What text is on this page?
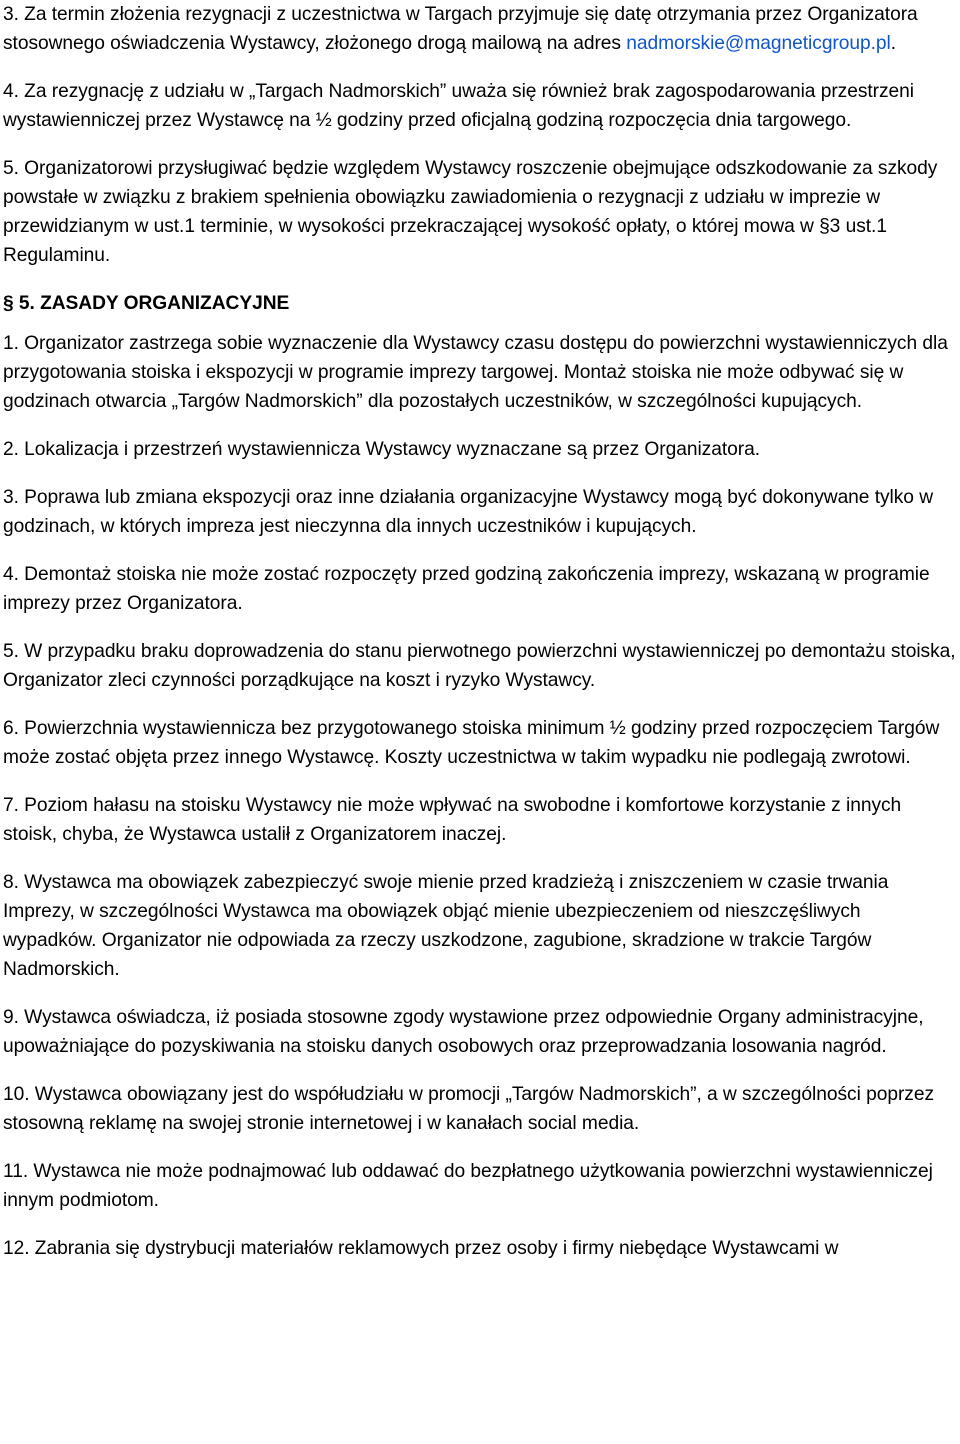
3. Za termin złożenia rezygnacji z uczestnictwa w Targach przyjmuje się datę otrzymania przez Organizatora stosownego oświadczenia Wystawcy, złożonego drogą mailową na adres nadmorskie@magneticgroup.pl.

4. Za rezygnację z udziału w „Targach Nadmorskich” uważa się również brak zagospodarowania przestrzeni wystawienniczej przez Wystawcę na ½ godziny przed oficjalną godziną rozpoczęcia dnia targowego.

5. Organizatorowi przysługiwać będzie względem Wystawcy roszczenie obejmujące odszkodowanie za szkody powstałe w związku z brakiem spełnienia obowiązku zawiadomienia o rezygnacji z udziału w imprezie w przewidzianym w ust.1 terminie, w wysokości przekraczającej wysokość opłaty, o której mowa w §3 ust.1 Regulaminu.

§ 5. ZASADY ORGANIZACYJNE

1. Organizator zastrzega sobie wyznaczenie dla Wystawcy czasu dostępu do powierzchni wystawienniczych dla przygotowania stoiska i ekspozycji w programie imprezy targowej. Montaż stoiska nie może odbywać się w godzinach otwarcia „Targów Nadmorskich” dla pozostałych uczestników, w szczególności kupujących.

2. Lokalizacja i przestrzeń wystawiennicza Wystawcy wyznaczane są przez Organizatora.

3. Poprawa lub zmiana ekspozycji oraz inne działania organizacyjne Wystawcy mogą być dokonywane tylko w godzinach, w których impreza jest nieczynna dla innych uczestników i kupujących.

4. Demontaż stoiska nie może zostać rozpoczęty przed godziną zakończenia imprezy, wskazaną w programie imprezy przez Organizatora.

5. W przypadku braku doprowadzenia do stanu pierwotnego powierzchni wystawienniczej po demontażu stoiska, Organizator zleci czynności porządkujące na koszt i ryzyko Wystawcy.

6. Powierzchnia wystawiennicza bez przygotowanego stoiska minimum ½ godziny przed rozpoczęciem Targów może zostać objęta przez innego Wystawcę. Koszty uczestnictwa w takim wypadku nie podlegają zwrotowi.

7. Poziom hałasu na stoisku Wystawcy nie może wpływać na swobodne i komfortowe korzystanie z innych stoisk, chyba, że Wystawca ustalił z Organizatorem inaczej.

8. Wystawca ma obowiązek zabezpieczyć swoje mienie przed kradzieżą i zniszczeniem w czasie trwania Imprezy, w szczególności Wystawca ma obowiązek objąć mienie ubezpieczeniem od nieszczęśliwych wypadków. Organizator nie odpowiada za rzeczy uszkodzone, zagubione, skradzione w trakcie Targów Nadmorskich.

9. Wystawca oświadcza, iż posiada stosowne zgody wystawione przez odpowiednie Organy administracyjne, upoważniające do pozyskiwania na stoisku danych osobowych oraz przeprowadzania losowania nagród.

10. Wystawca obowiązany jest do współudziału w promocji „Targów Nadmorskich”, a w szczególności poprzez stosowną reklamę na swojej stronie internetowej i w kanałach social media.

11. Wystawca nie może podnajmować lub oddawać do bezpłatnego użytkowania powierzchni wystawienniczej innym podmiotom.

12. Zabrania się dystrybucji materiałów reklamowych przez osoby i firmy niebędące Wystawcami w
